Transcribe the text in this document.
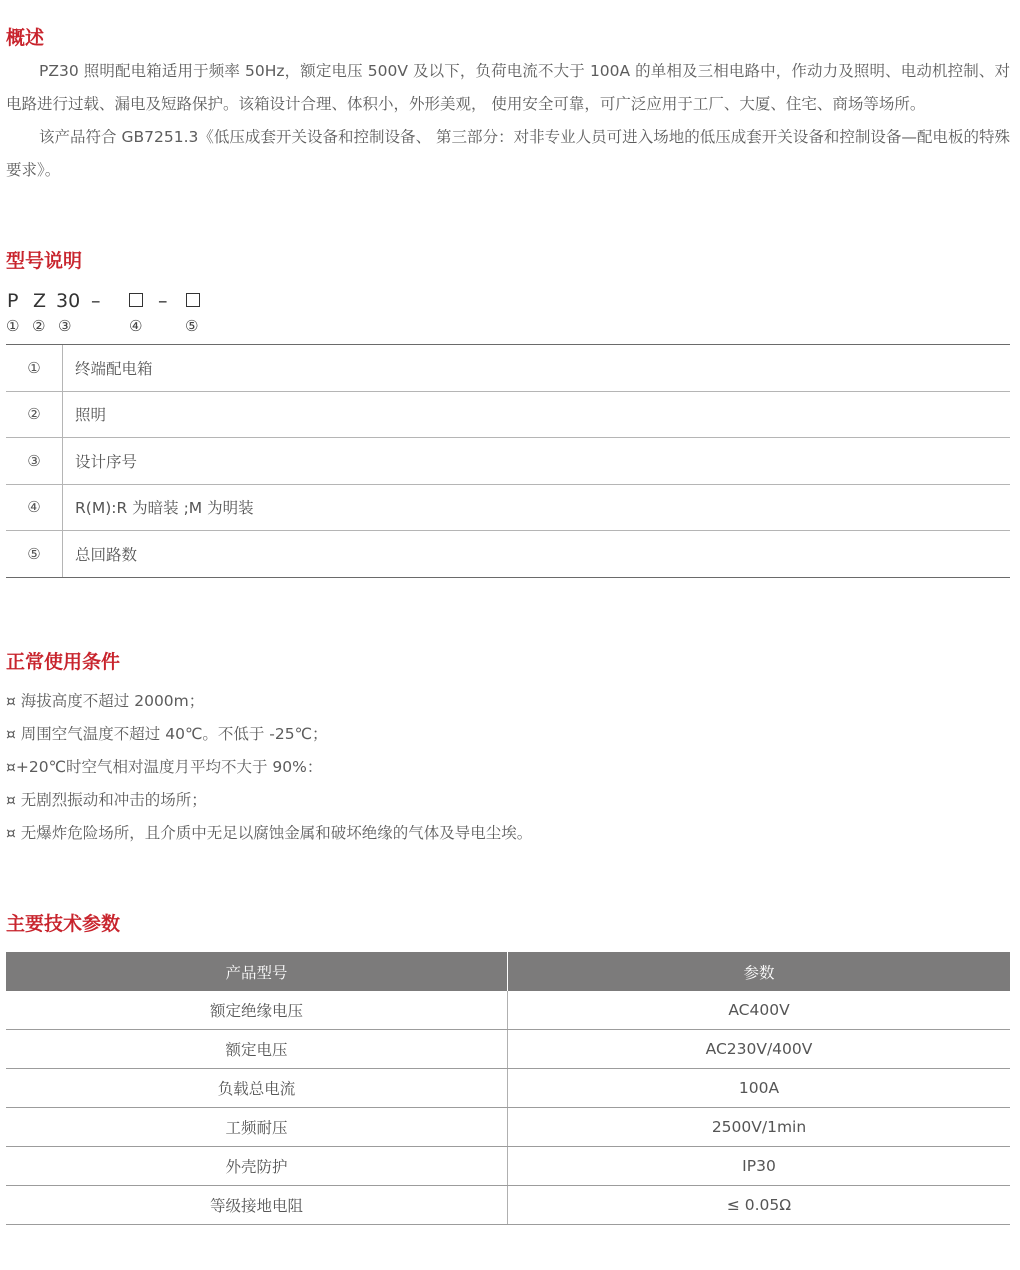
概述

PZ30 照明配电箱适用于频率 50Hz，额定电压 500V 及以下，负荷电流不大于 100A 的单相及三相电路中，作动力及照明、电动机控制、对电路进行过载、漏电及短路保护。该箱设计合理、体积小，外形美观， 使用安全可靠，可广泛应用于工厂、大厦、住宅、商场等场所。

该产品符合 GB7251.3《低压成套开关设备和控制设备、 第三部分：对非专业人员可进入场地的低压成套开关设备和控制设备—配电板的特殊要求》。

型号说明
P Z 30 –	–
① ② ③	④	⑤
①	终端配电箱
②	照明
③	设计序号
④	R(M):R 为暗装 ;M 为明装
⑤	总回路数
正常使用条件
¤ 海拔高度不超过 2000m；
¤ 周围空气温度不超过 40℃。不低于 -25℃；
¤+20℃时空气相对温度月平均不大于 90%：
¤ 无剧烈振动和冲击的场所；
¤ 无爆炸危险场所，且介质中无足以腐蚀金属和破坏绝缘的气体及导电尘埃。
主要技术参数
产品型号	参数
额定绝缘电压	AC400V
额定电压	AC230V/400V
负载总电流	100A
工频耐压	2500V/1min
外壳防护	IP30
等级接地电阻	≤ 0.05Ω
